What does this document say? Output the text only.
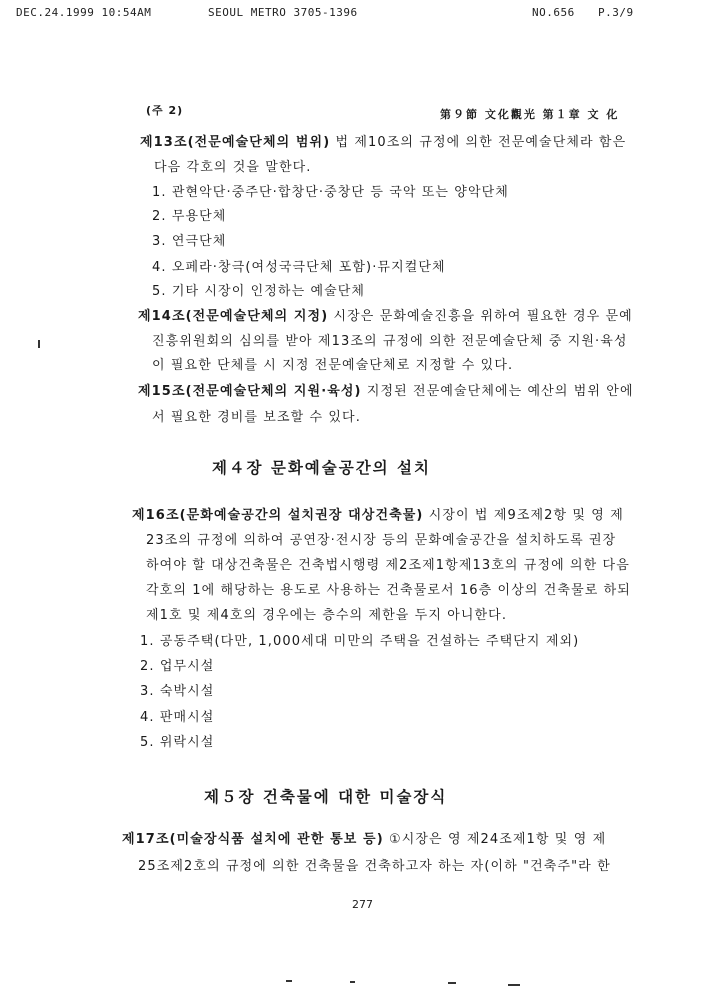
DEC.24.1999 10:54AM	SEOUL METRO 3705-1396	NO.656 P.3/9
(주 2)	第９節 文化觀光 第１章 文 化
제13조(전문예술단체의 범위) 법 제10조의 규정에 의한 전문예술단체라 함은
다음 각호의 것을 말한다.
1. 관현악단·중주단·합창단·중창단 등 국악 또는 양악단체
2. 무용단체
3. 연극단체
4. 오페라·창극(여성국극단체 포함)·뮤지컬단체
5. 기타 시장이 인정하는 예술단체
제14조(전문예술단체의 지정) 시장은 문화예술진흥을 위하여 필요한 경우 문예
진흥위원회의 심의를 받아 제13조의 규정에 의한 전문예술단체 중 지원·육성
이 필요한 단체를 시 지정 전문예술단체로 지정할 수 있다.
제15조(전문예술단체의 지원·육성) 지정된 전문예술단체에는 예산의 범위 안에
서 필요한 경비를 보조할 수 있다.
제４장 문화예술공간의 설치
제16조(문화예술공간의 설치권장 대상건축물) 시장이 법 제9조제2항 및 영 제
23조의 규정에 의하여 공연장·전시장 등의 문화예술공간을 설치하도록 권장
하여야 할 대상건축물은 건축법시행령 제2조제1항제13호의 규정에 의한 다음
각호의 1에 해당하는 용도로 사용하는 건축물로서 16층 이상의 건축물로 하되
제1호 및 제4호의 경우에는 층수의 제한을 두지 아니한다.
1. 공동주택(다만, 1,000세대 미만의 주택을 건설하는 주택단지 제외)
2. 업무시설
3. 숙박시설
4. 판매시설
5. 위락시설
제５장 건축물에 대한 미술장식
제17조(미술장식품 설치에 관한 통보 등) ①시장은 영 제24조제1항 및 영 제
25조제2호의 규정에 의한 건축물을 건축하고자 하는 자(이하 "건축주"라 한
277
